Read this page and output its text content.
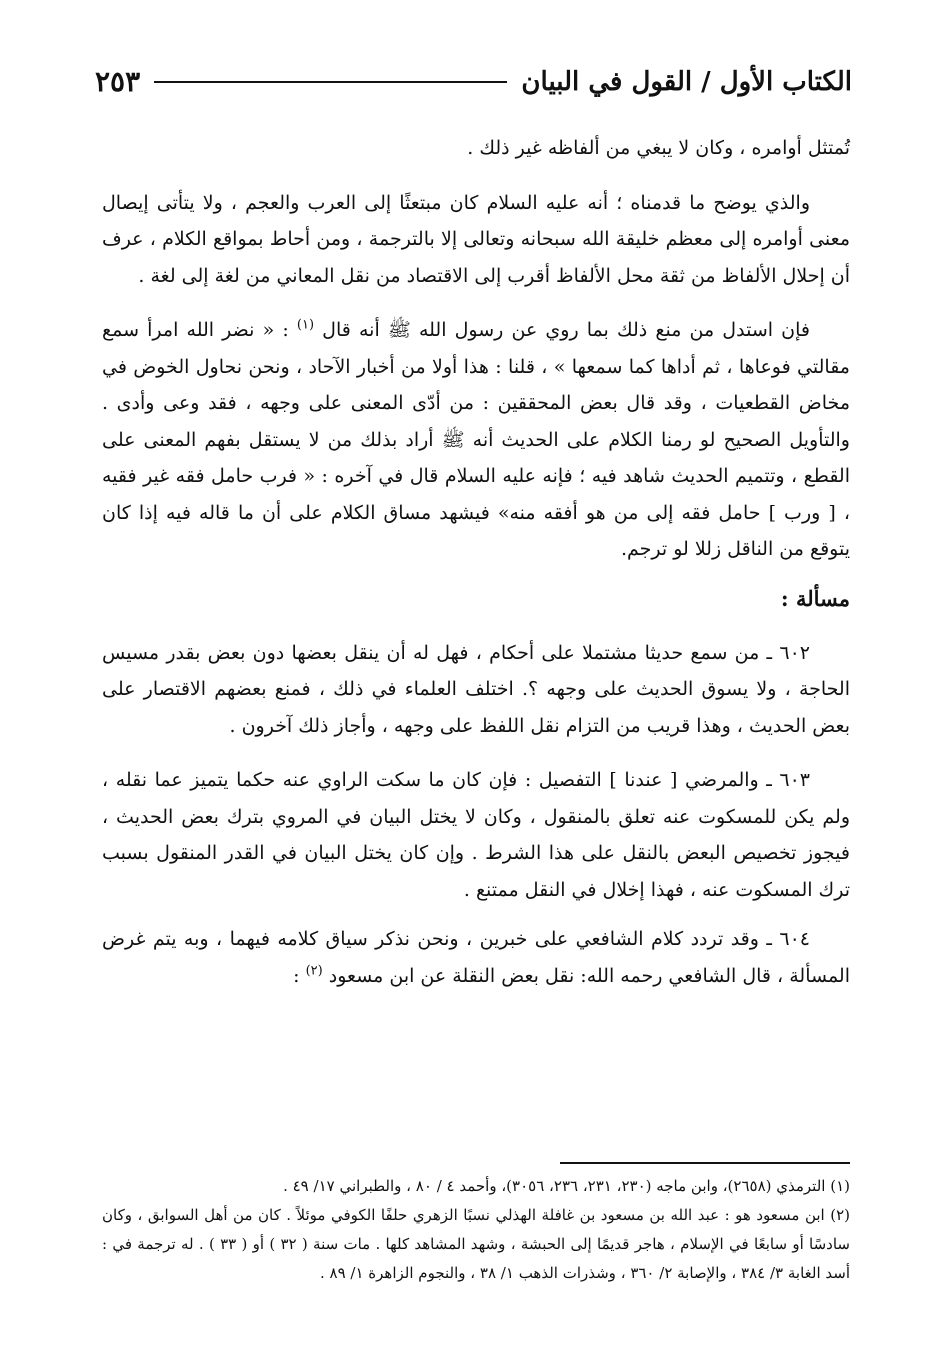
الكتاب الأول / القول في البيان
٢٥٣

تُمتثل أوامره ، وكان لا يبغي من ألفاظه غير ذلك .

والذي يوضح ما قدمناه ؛ أنه عليه السلام كان مبتعثًا إلى العرب والعجم ، ولا يتأتى إيصال معنى أوامره إلى معظم خليقة الله سبحانه وتعالى إلا بالترجمة ، ومن أحاط بمواقع الكلام ، عرف أن إحلال الألفاظ من ثقة محل الألفاظ أقرب إلى الاقتصاد من نقل المعاني من لغة إلى لغة .

فإن استدل من منع ذلك بما روي عن رسول الله ﷺ أنه قال $^{(١)}$ : « نضر الله امرأ سمع مقالتي فوعاها ، ثم أداها كما سمعها » ، قلنا : هذا أولا من أخبار الآحاد ، ونحن نحاول الخوض في مخاض القطعيات ، وقد قال بعض المحققين : من أدّى المعنى على وجهه ، فقد وعى وأدى . والتأويل الصحيح لو رمنا الكلام على الحديث أنه ﷺ أراد بذلك من لا يستقل بفهم المعنى على القطع ، وتتميم الحديث شاهد فيه ؛ فإنه عليه السلام قال في آخره : « فرب حامل فقه غير فقيه ، [ ورب ] حامل فقه إلى من هو أفقه منه» فيشهد مساق الكلام على أن ما قاله فيه إذا كان يتوقع من الناقل زللا لو ترجم.

مسألة :

٦٠٢ ـ من سمع حديثا مشتملا على أحكام ، فهل له أن ينقل بعضها دون بعض بقدر مسيس الحاجة ، ولا يسوق الحديث على وجهه ؟. اختلف العلماء في ذلك ، فمنع بعضهم الاقتصار على بعض الحديث ، وهذا قريب من التزام نقل اللفظ على وجهه ، وأجاز ذلك آخرون .

٦٠٣ ـ والمرضي [ عندنا ] التفصيل : فإن كان ما سكت الراوي عنه حكما يتميز عما نقله ، ولم يكن للمسكوت عنه تعلق بالمنقول ، وكان لا يختل البيان في المروي بترك بعض الحديث ، فيجوز تخصيص البعض بالنقل على هذا الشرط . وإن كان يختل البيان في القدر المنقول بسبب ترك المسكوت عنه ، فهذا إخلال في النقل ممتنع .

٦٠٤ ـ وقد تردد كلام الشافعي على خبرين ، ونحن نذكر سياق كلامه فيهما ، وبه يتم غرض المسألة ، قال الشافعي رحمه الله: نقل بعض النقلة عن ابن مسعود $^{(٢)}$ :

(١) الترمذي (٢٦٥٨)، وابن ماجه (٢٣٠، ٢٣١، ٢٣٦، ٣٠٥٦)، وأحمد ٤ / ٨٠ ، والطبراني ١٧/ ٤٩ .

(٢) ابن مسعود هو : عبد الله بن مسعود بن غافلة الهذلي نسبًا الزهري حلفًا الكوفي موئلاً . كان من أهل السوابق ، وكان سادسًا أو سابعًا في الإسلام ، هاجر قديمًا إلى الحبشة ، وشهد المشاهد كلها . مات سنة ( ٣٢ ) أو ( ٣٣ ) . له ترجمة في : أسد الغابة ٣/ ٣٨٤ ، والإصابة ٢/ ٣٦٠ ، وشذرات الذهب ١/ ٣٨ ، والنجوم الزاهرة ١/ ٨٩ .
